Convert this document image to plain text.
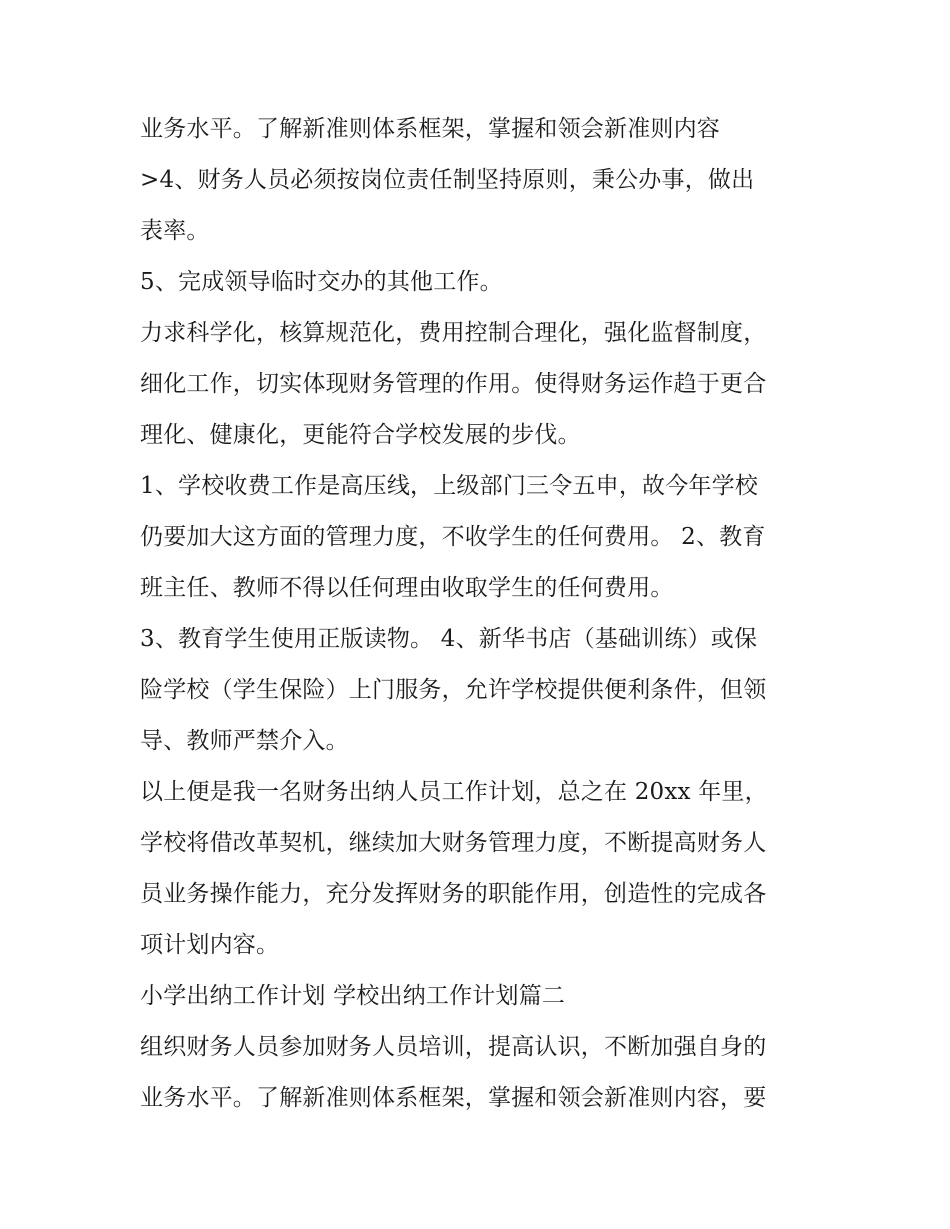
业务水平。了解新准则体系框架，掌握和领会新准则内容
>4、财务人员必须按岗位责任制坚持原则，秉公办事，做出
表率。
5、完成领导临时交办的其他工作。
力求科学化，核算规范化，费用控制合理化，强化监督制度，
细化工作，切实体现财务管理的作用。使得财务运作趋于更合
理化、健康化，更能符合学校发展的步伐。
1、学校收费工作是高压线，上级部门三令五申，故今年学校
仍要加大这方面的管理力度，不收学生的任何费用。 2、教育
班主任、教师不得以任何理由收取学生的任何费用。
3、教育学生使用正版读物。 4、新华书店（基础训练）或保
险学校（学生保险）上门服务，允许学校提供便利条件，但领
导、教师严禁介入。
以上便是我一名财务出纳人员工作计划，总之在 20xx 年里，
学校将借改革契机，继续加大财务管理力度，不断提高财务人
员业务操作能力，充分发挥财务的职能作用，创造性的完成各
项计划内容。
小学出纳工作计划 学校出纳工作计划篇二
组织财务人员参加财务人员培训，提高认识，不断加强自身的
业务水平。了解新准则体系框架，掌握和领会新准则内容，要
